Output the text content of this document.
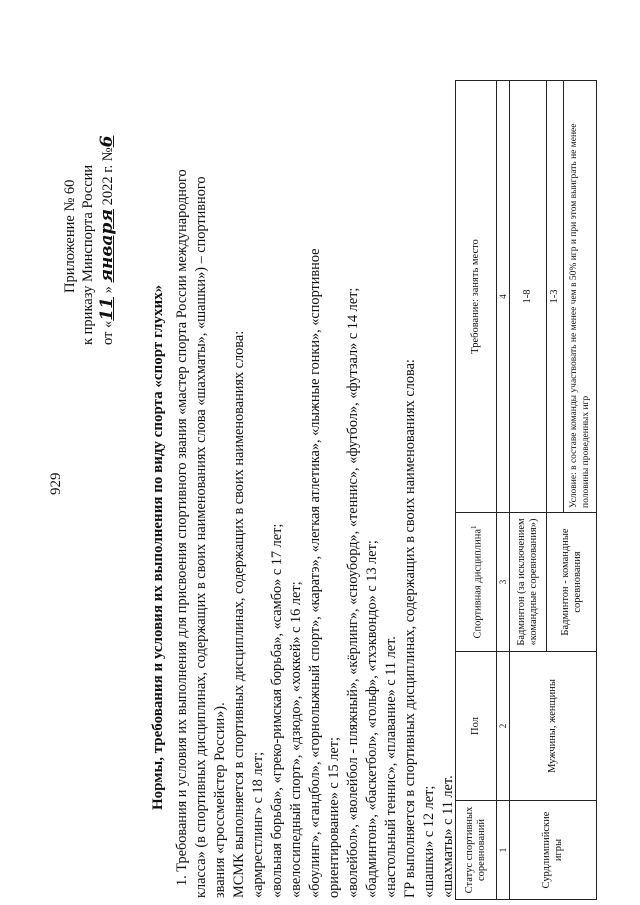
929
Приложение № 60 к приказу Минспорта России от «11 » января 2022 г. №6
Нормы, требования и условия их выполнения по виду спорта «спорт глухих» 1. Требования и условия их выполнения для присвоения спортивного звания «мастер спорта России международного класса» (в спортивных дисциплинах, содержащих в своих наименованиях слова «шахматы», «шашки») – спортивного звания «гроссмейстер России»). МСМК выполняется в спортивных дисциплинах, содержащих в своих наименованиях слова: «армрестлинг» с 18 лет; «вольная борьба», «греко-римская борьба», «самбо» с 17 лет; «велосипедный спорт», «дзюдо», «хоккей» с 16 лет; «боулинг», «гандбол», «горнолыжный спорт», «каратэ», «легкая атлетика», «лыжные гонки», «спортивное ориентирование» с 15 лет; «волейбол», «волейбол - пляжный», «кёрлинг», «сноуборд», «теннис», «футбол», «футзал» с 14 лет; «бадминтон», «баскетбол», «гольф», «тхэквондо» с 13 лет; «настольный теннис», «плавание» с 11 лет. ГР выполняется в спортивных дисциплинах, содержащих в своих наименованиях слова: «шашки» с 12 лет; «шахматы» с 11 лет. Статус спортивных соревнований	Пол	Спортивная дисциплина$^1$	Требование: занять место
1	2	3	4
Сурдлимпийские игры	Мужчины, женщины	Бадминтон (за исключением «командные соревнования»)	1-8
		Бадминтон - командные соревнования	1-3
			Условие: в составе команды участвовать не менее чем в 50% игр и при этом выиграть не менее половины проведенных игр
